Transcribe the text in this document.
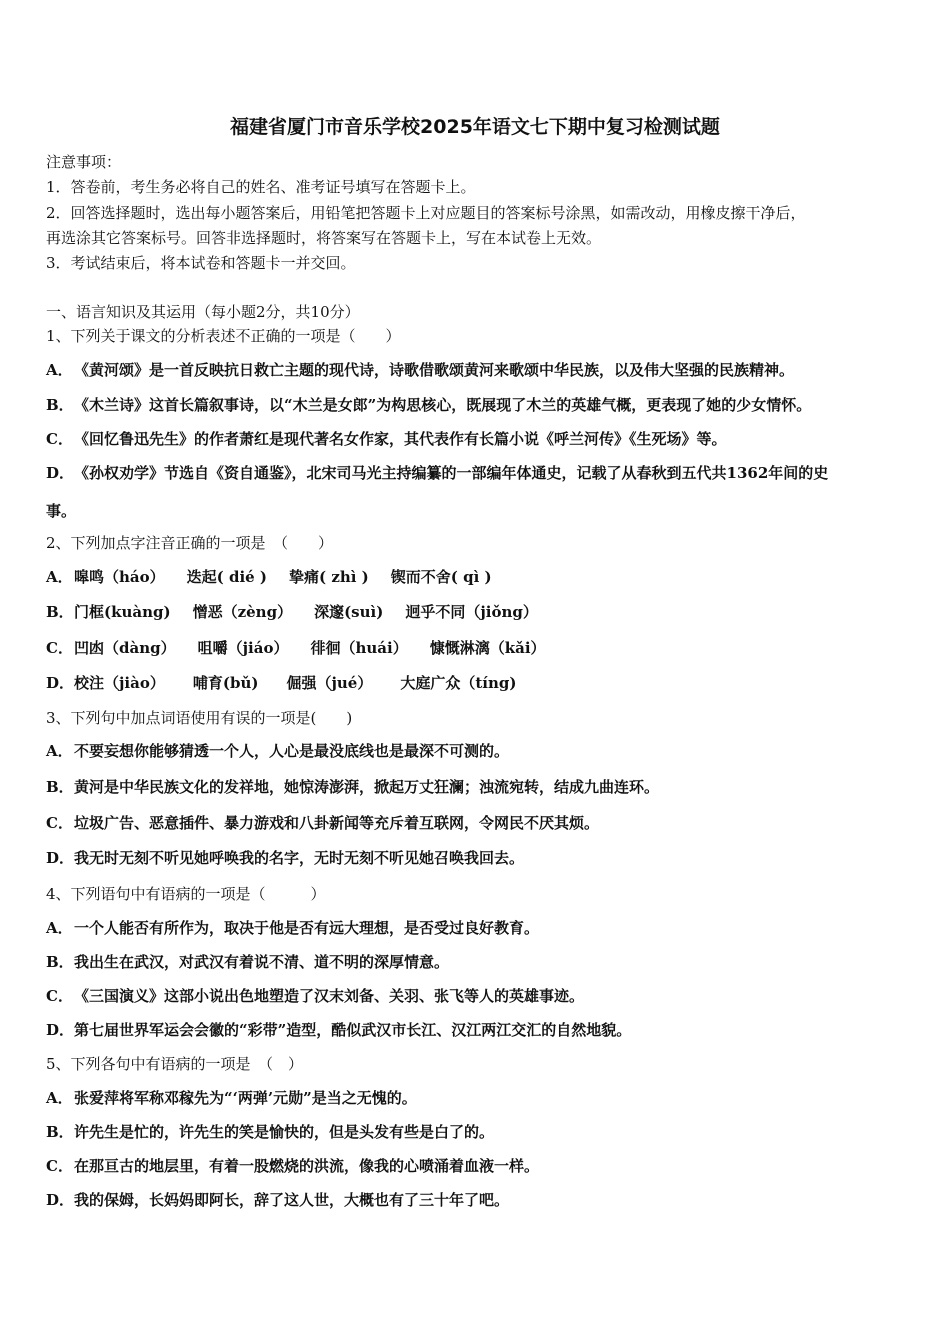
福建省厦门市音乐学校2025年语文七下期中复习检测试题
注意事项：
1．答卷前，考生务必将自己的姓名、准考证号填写在答题卡上。
2．回答选择题时，选出每小题答案后，用铅笔把答题卡上对应题目的答案标号涂黑，如需改动，用橡皮擦干净后，
再选涂其它答案标号。回答非选择题时，将答案写在答题卡上，写在本试卷上无效。
3．考试结束后，将本试卷和答题卡一并交回。
一、语言知识及其运用（每小题2分，共10分）
1、下列关于课文的分析表述不正确的一项是（　　）
A．《黄河颂》是一首反映抗日救亡主题的现代诗，诗歌借歌颂黄河来歌颂中华民族，以及伟大坚强的民族精神。
B．《木兰诗》这首长篇叙事诗，以“木兰是女郎”为构思核心，既展现了木兰的英雄气概，更表现了她的少女情怀。
C．《回忆鲁迅先生》的作者萧红是现代著名女作家，其代表作有长篇小说《呼兰河传》《生死场》等。
D．《孙权劝学》节选自《资自通鉴》，北宋司马光主持编纂的一部编年体通史，记载了从春秋到五代共1362年间的史
事。
2、下列加点字注音正确的一项是　（　　）
A．嗥鸣（háo） 迭起( dié ) 挚痛( zhì ) 锲而不舍( qì )
B．门框(kuàng) 憎恶（zèng） 深邃(suì) 迥乎不同（jiǒng）
C．凹凼（dàng） 咀嚼（jiáo） 徘徊（huái） 慷慨淋漓（kǎi）
D．校注（jiào） 哺育(bǔ) 倔强（jué） 大庭广众（tíng)
3、下列句中加点词语使用有误的一项是(　　)
A．不要妄想你能够猜透一个人，人心是最没底线也是最深不可测的。
B．黄河是中华民族文化的发祥地，她惊涛澎湃，掀起万丈狂澜；浊流宛转，结成九曲连环。
C．垃圾广告、恶意插件、暴力游戏和八卦新闻等充斥着互联网，令网民不厌其烦。
D．我无时无刻不听见她呼唤我的名字，无时无刻不听见她召唤我回去。
4、下列语句中有语病的一项是（　　　）
A．一个人能否有所作为，取决于他是否有远大理想，是否受过良好教育。
B．我出生在武汉，对武汉有着说不清、道不明的深厚情意。
C．《三国演义》这部小说出色地塑造了汉末刘备、关羽、张飞等人的英雄事迹。
D．第七届世界军运会会徽的“彩带”造型，酷似武汉市长江、汉江两江交汇的自然地貌。
5、下列各句中有语病的一项是　（　）
A．张爱萍将军称邓稼先为“‘两弹’元勋”是当之无愧的。
B．许先生是忙的，许先生的笑是愉快的，但是头发有些是白了的。
C．在那亘古的地层里，有着一股燃烧的洪流，像我的心喷涌着血液一样。
D．我的保姆，长妈妈即阿长，辞了这人世，大概也有了三十年了吧。
